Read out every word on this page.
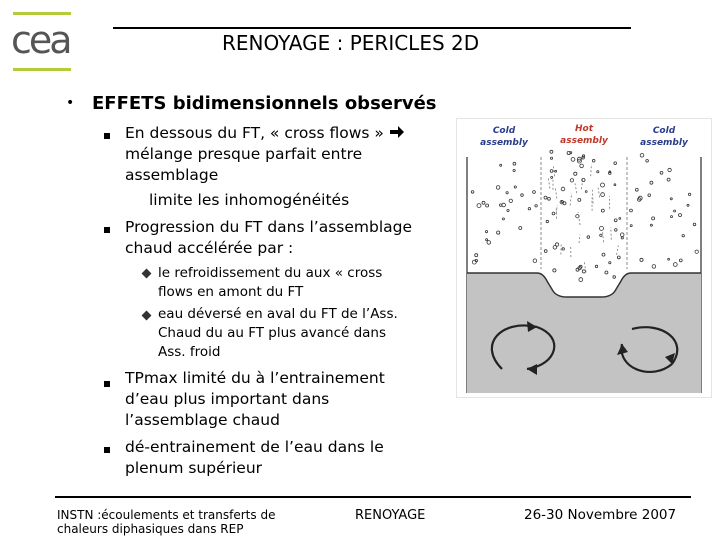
cea	RENOYAGE : PERICLES 2D
• EFFETS bidimensionnels observés
En dessous du FT, « cross flows »
mélange presque parfait entre
assemblage
limite les inhomogénéités
Progression du FT dans l’assemblage
chaud accélérée par :
le refroidissement du aux « cross
flows en amont du FT
eau déversé en aval du FT de l’Ass.
Chaud du au FT plus avancé dans
Ass. froid
TPmax limité du à l’entrainement
d’eau plus important dans
l’assemblage chaud
dé-entrainement de l’eau dans le
plenum supérieur
Cold
assembly
Hot
assembly
Cold
assembly
INSTN :écoulements et transferts de
chaleurs diphasiques dans REP
RENOYAGE	26-30 Novembre 2007
